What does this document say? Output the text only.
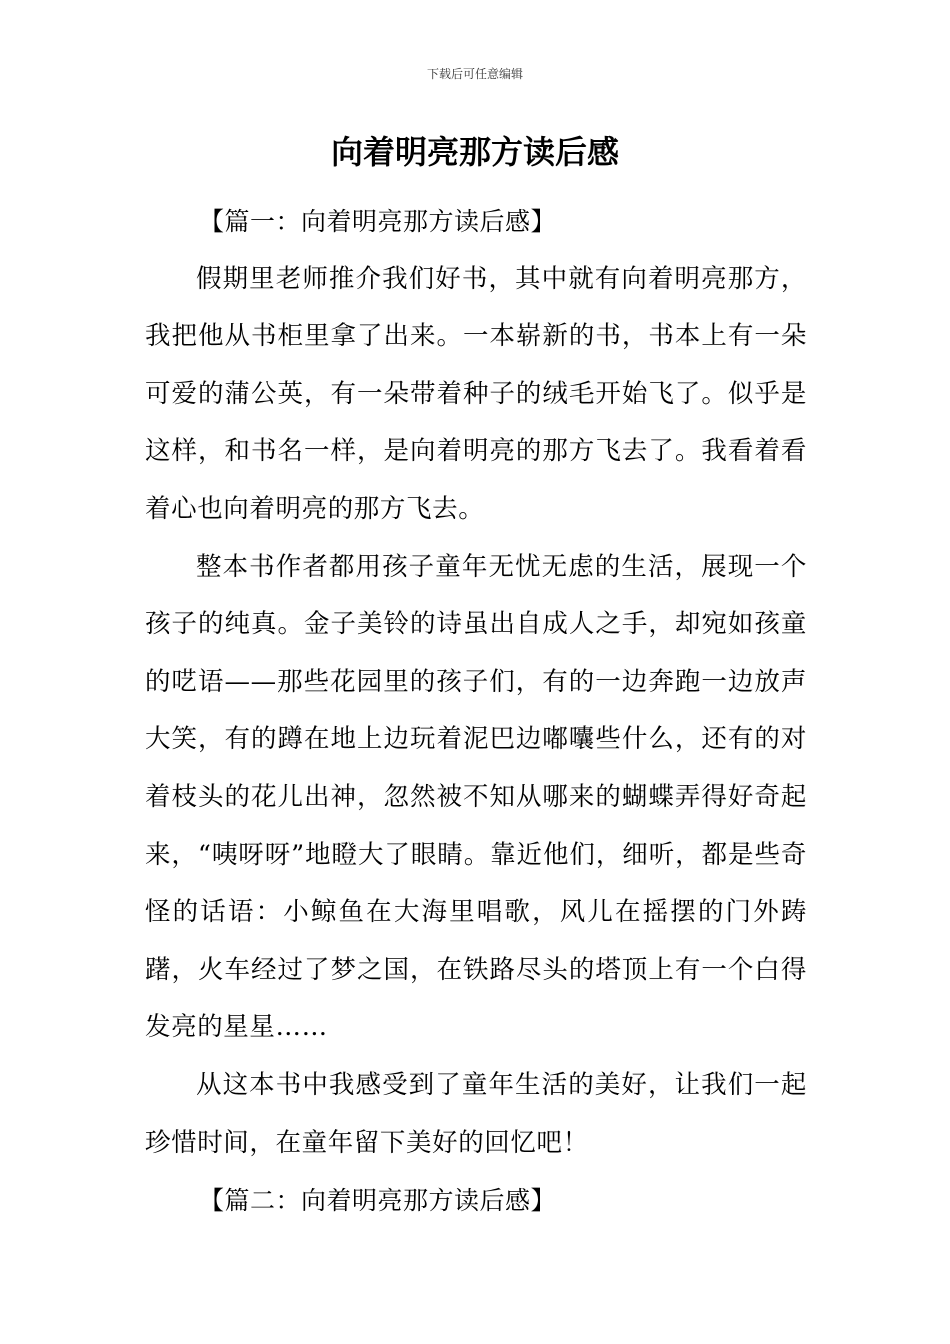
下载后可任意编辑
向着明亮那方读后感
【篇一：向着明亮那方读后感】

假期里老师推介我们好书，其中就有向着明亮那方，我把他从书柜里拿了出来。一本崭新的书，书本上有一朵可爱的蒲公英，有一朵带着种子的绒毛开始飞了。似乎是这样，和书名一样，是向着明亮的那方飞去了。我看着看着心也向着明亮的那方飞去。

整本书作者都用孩子童年无忧无虑的生活，展现一个孩子的纯真。金子美铃的诗虽出自成人之手，却宛如孩童的呓语——那些花园里的孩子们，有的一边奔跑一边放声大笑，有的蹲在地上边玩着泥巴边嘟囔些什么，还有的对着枝头的花儿出神，忽然被不知从哪来的蝴蝶弄得好奇起来，“咦呀呀”地瞪大了眼睛。靠近他们，细听，都是些奇怪的话语：小鲸鱼在大海里唱歌，风儿在摇摆的门外踌躇，火车经过了梦之国，在铁路尽头的塔顶上有一个白得发亮的星星……

从这本书中我感受到了童年生活的美好，让我们一起珍惜时间，在童年留下美好的回忆吧！

【篇二：向着明亮那方读后感】
